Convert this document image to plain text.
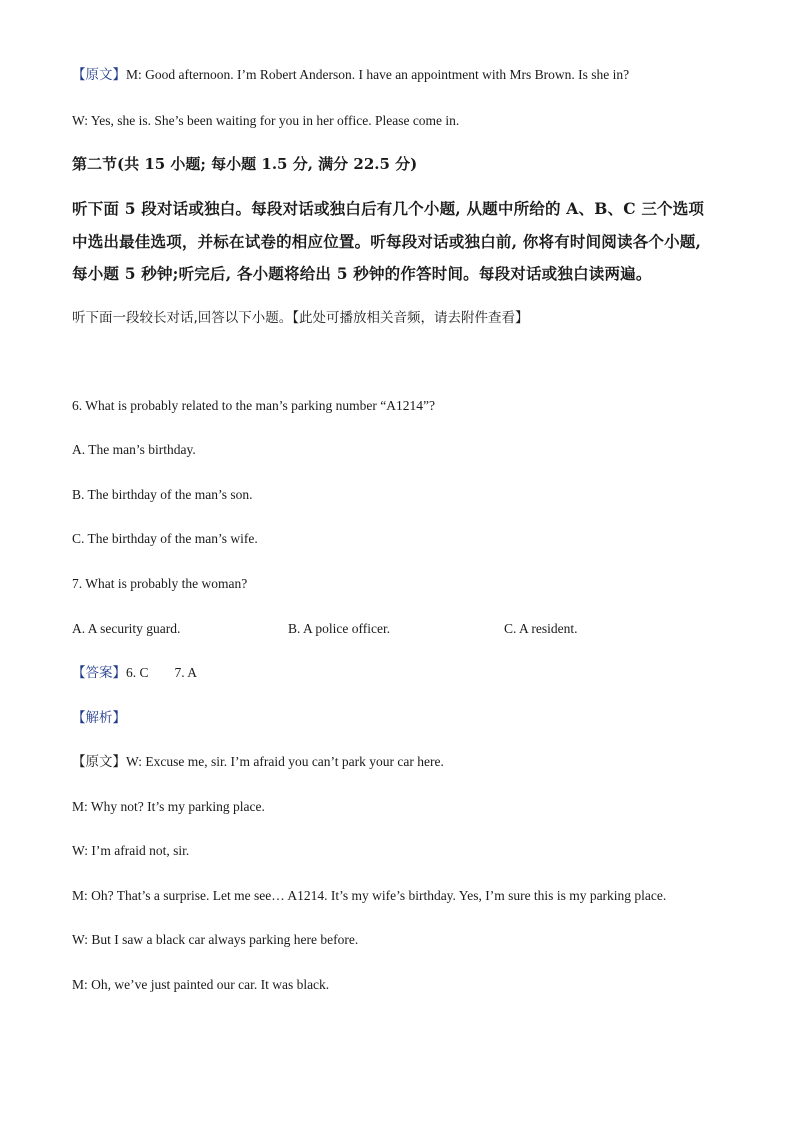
【原文】M: Good afternoon. I’m Robert Anderson. I have an appointment with Mrs Brown. Is she in?
W: Yes, she is. She’s been waiting for you in her office. Please come in.
第二节(共 15 小题; 每小题 1.5 分, 满分 22.5 分)
听下面 5 段对话或独白。每段对话或独白后有几个小题, 从题中所给的 A、B、C 三个选项
中选出最佳选项，并标在试卷的相应位置。听每段对话或独白前, 你将有时间阅读各个小题,
每小题 5 秒钟;听完后, 各小题将给出 5 秒钟的作答时间。每段对话或独白读两遍。
听下面一段较长对话,回答以下小题。【此处可播放相关音频，请去附件查看】
6. What is probably related to the man’s parking number “A1214”?
A. The man’s birthday.
B. The birthday of the man’s son.
C. The birthday of the man’s wife.
7. What is probably the woman?
A. A security guard.	B. A police officer.	C. A resident.
【答案】6. C 7. A
【解析】
【原文】W: Excuse me, sir. I’m afraid you can’t park your car here.
M: Why not? It’s my parking place.
W: I’m afraid not, sir.
M: Oh? That’s a surprise. Let me see… A1214. It’s my wife’s birthday. Yes, I’m sure this is my parking place.
W: But I saw a black car always parking here before.
M: Oh, we’ve just painted our car. It was black.
